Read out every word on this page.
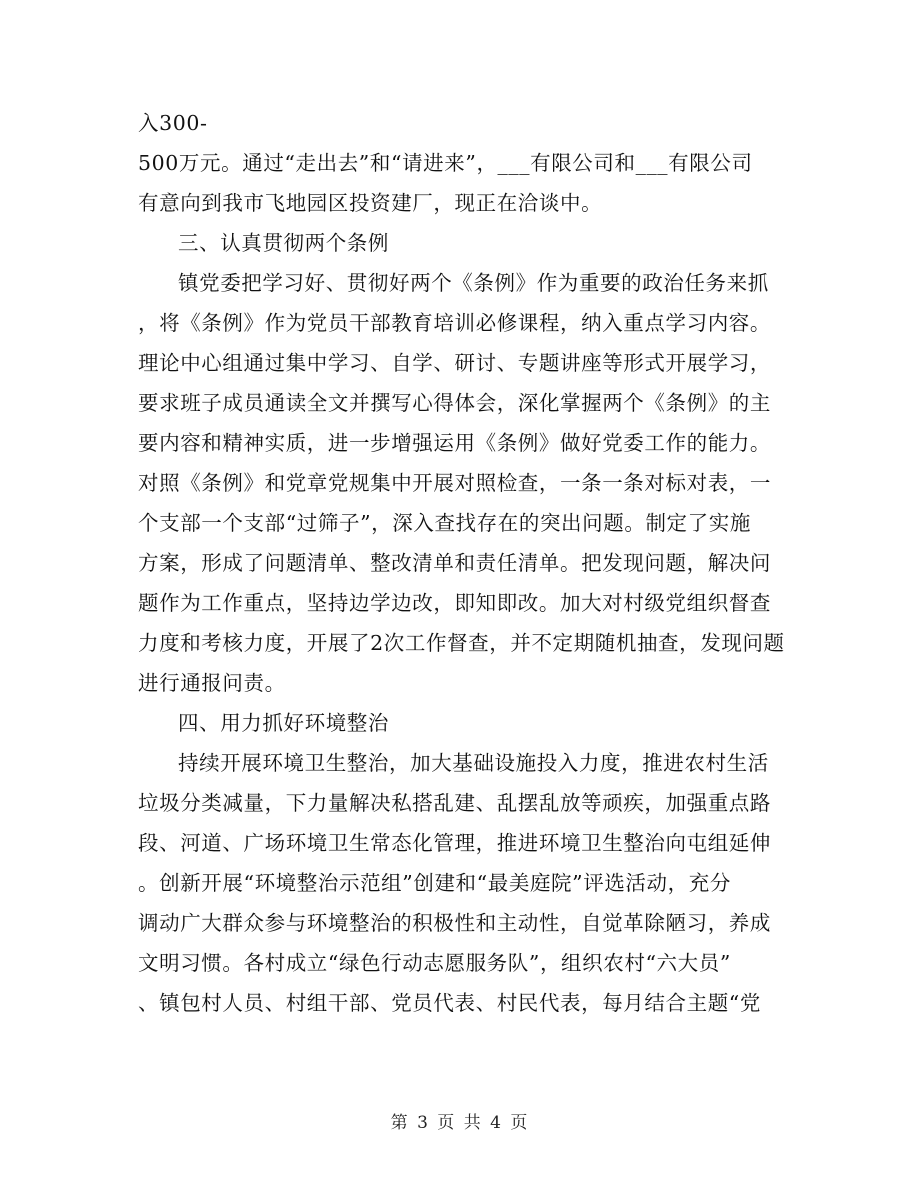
入300-
500万元。通过“走出去”和“请进来”，___有限公司和___有限公司
有意向到我市飞地园区投资建厂，现正在洽谈中。
三、认真贯彻两个条例
镇党委把学习好、贯彻好两个《条例》作为重要的政治任务来抓
，将《条例》作为党员干部教育培训必修课程，纳入重点学习内容。
理论中心组通过集中学习、自学、研讨、专题讲座等形式开展学习，
要求班子成员通读全文并撰写心得体会，深化掌握两个《条例》的主
要内容和精神实质，进一步增强运用《条例》做好党委工作的能力。
对照《条例》和党章党规集中开展对照检查，一条一条对标对表，一
个支部一个支部“过筛子”，深入查找存在的突出问题。制定了实施
方案，形成了问题清单、整改清单和责任清单。把发现问题，解决问
题作为工作重点，坚持边学边改，即知即改。加大对村级党组织督查
力度和考核力度，开展了2次工作督查，并不定期随机抽查，发现问题
进行通报问责。
四、用力抓好环境整治
持续开展环境卫生整治，加大基础设施投入力度，推进农村生活
垃圾分类减量，下力量解决私搭乱建、乱摆乱放等顽疾，加强重点路
段、河道、广场环境卫生常态化管理，推进环境卫生整治向屯组延伸
。创新开展“环境整治示范组”创建和“最美庭院”评选活动，充分
调动广大群众参与环境整治的积极性和主动性，自觉革除陋习，养成
文明习惯。各村成立“绿色行动志愿服务队”，组织农村“六大员”
、镇包村人员、村组干部、党员代表、村民代表，每月结合主题“党
第 3 页 共 4 页
